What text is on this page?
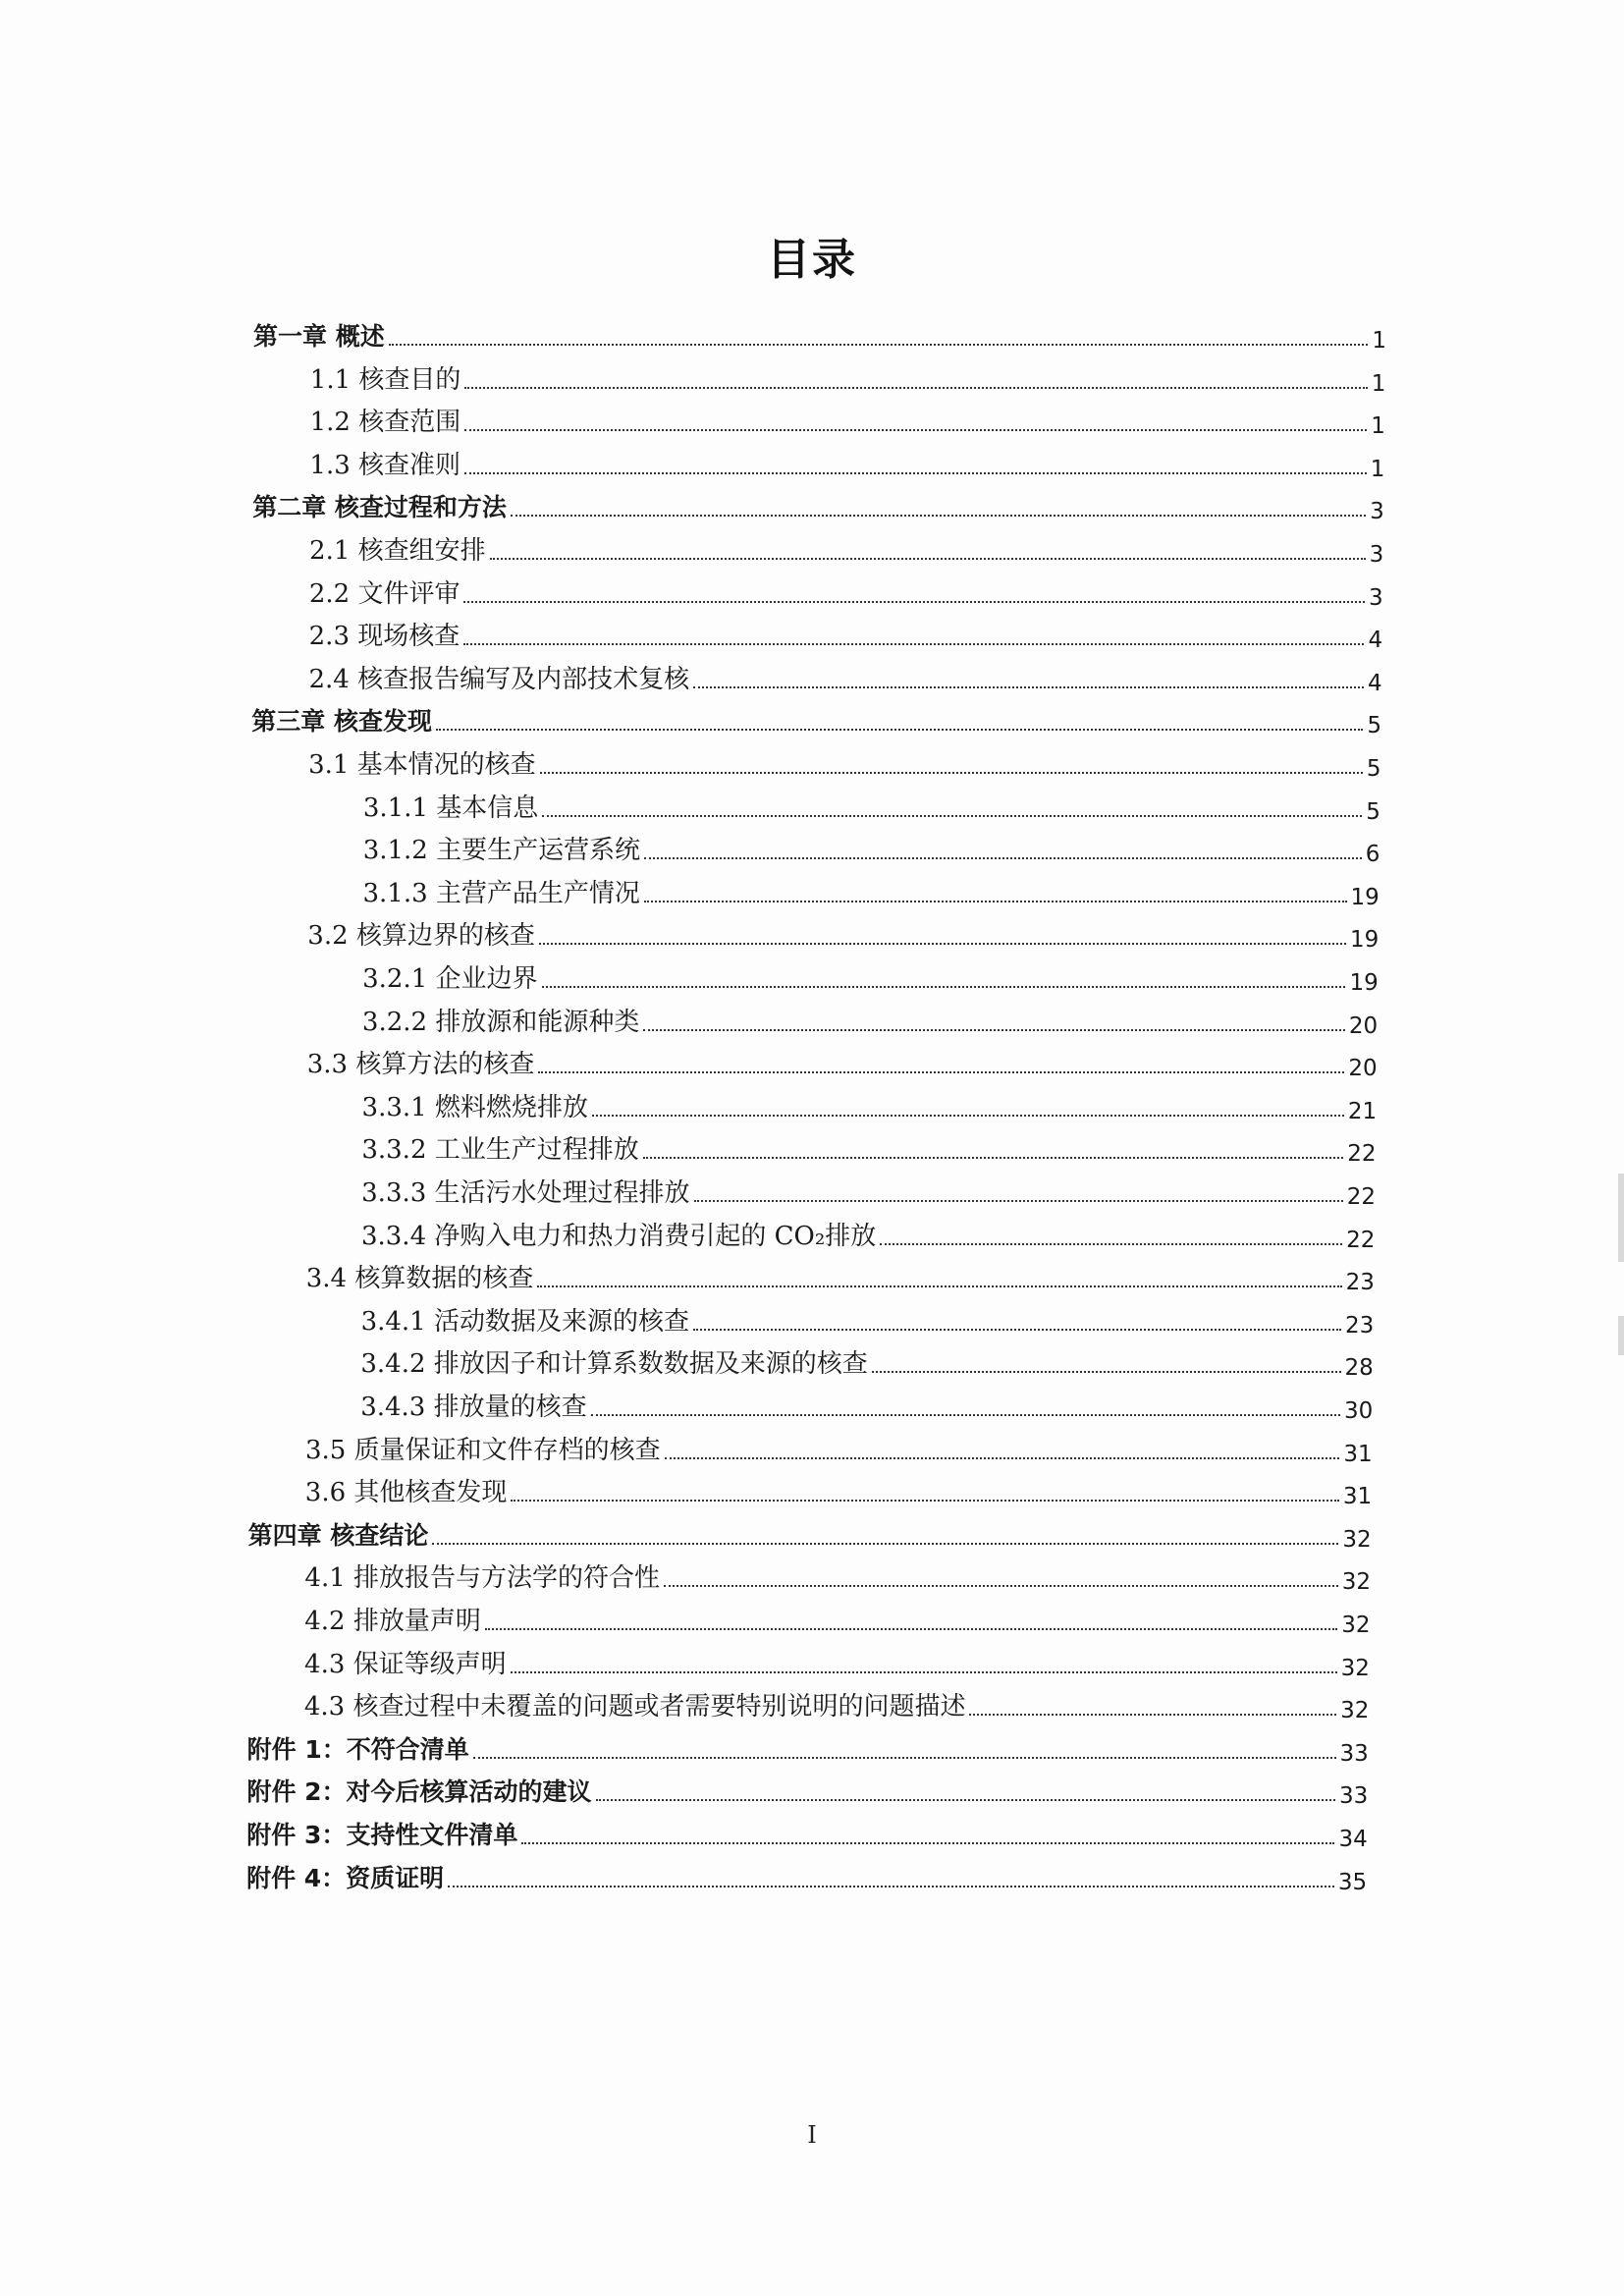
目录
第一章 概述	1
1.1 核查目的	1
1.2 核查范围	1
1.3 核查准则	1
第二章 核查过程和方法	3
2.1 核查组安排	3
2.2 文件评审	3
2.3 现场核查	4
2.4 核查报告编写及内部技术复核	4
第三章 核查发现	5
3.1 基本情况的核查	5
3.1.1 基本信息	5
3.1.2 主要生产运营系统	6
3.1.3 主营产品生产情况	19
3.2 核算边界的核查	19
3.2.1 企业边界	19
3.2.2 排放源和能源种类	20
3.3 核算方法的核查	20
3.3.1 燃料燃烧排放	21
3.3.2 工业生产过程排放	22
3.3.3 生活污水处理过程排放	22
3.3.4 净购入电力和热力消费引起的 CO₂排放	22
3.4 核算数据的核查	23
3.4.1 活动数据及来源的核查	23
3.4.2 排放因子和计算系数数据及来源的核查	28
3.4.3 排放量的核查	30
3.5 质量保证和文件存档的核查	31
3.6 其他核查发现	31
第四章 核查结论	32
4.1 排放报告与方法学的符合性	32
4.2 排放量声明	32
4.3 保证等级声明	32
4.3 核查过程中未覆盖的问题或者需要特别说明的问题描述	32
附件 1：不符合清单	33
附件 2：对今后核算活动的建议	33
附件 3：支持性文件清单	34
附件 4：资质证明	35
I
